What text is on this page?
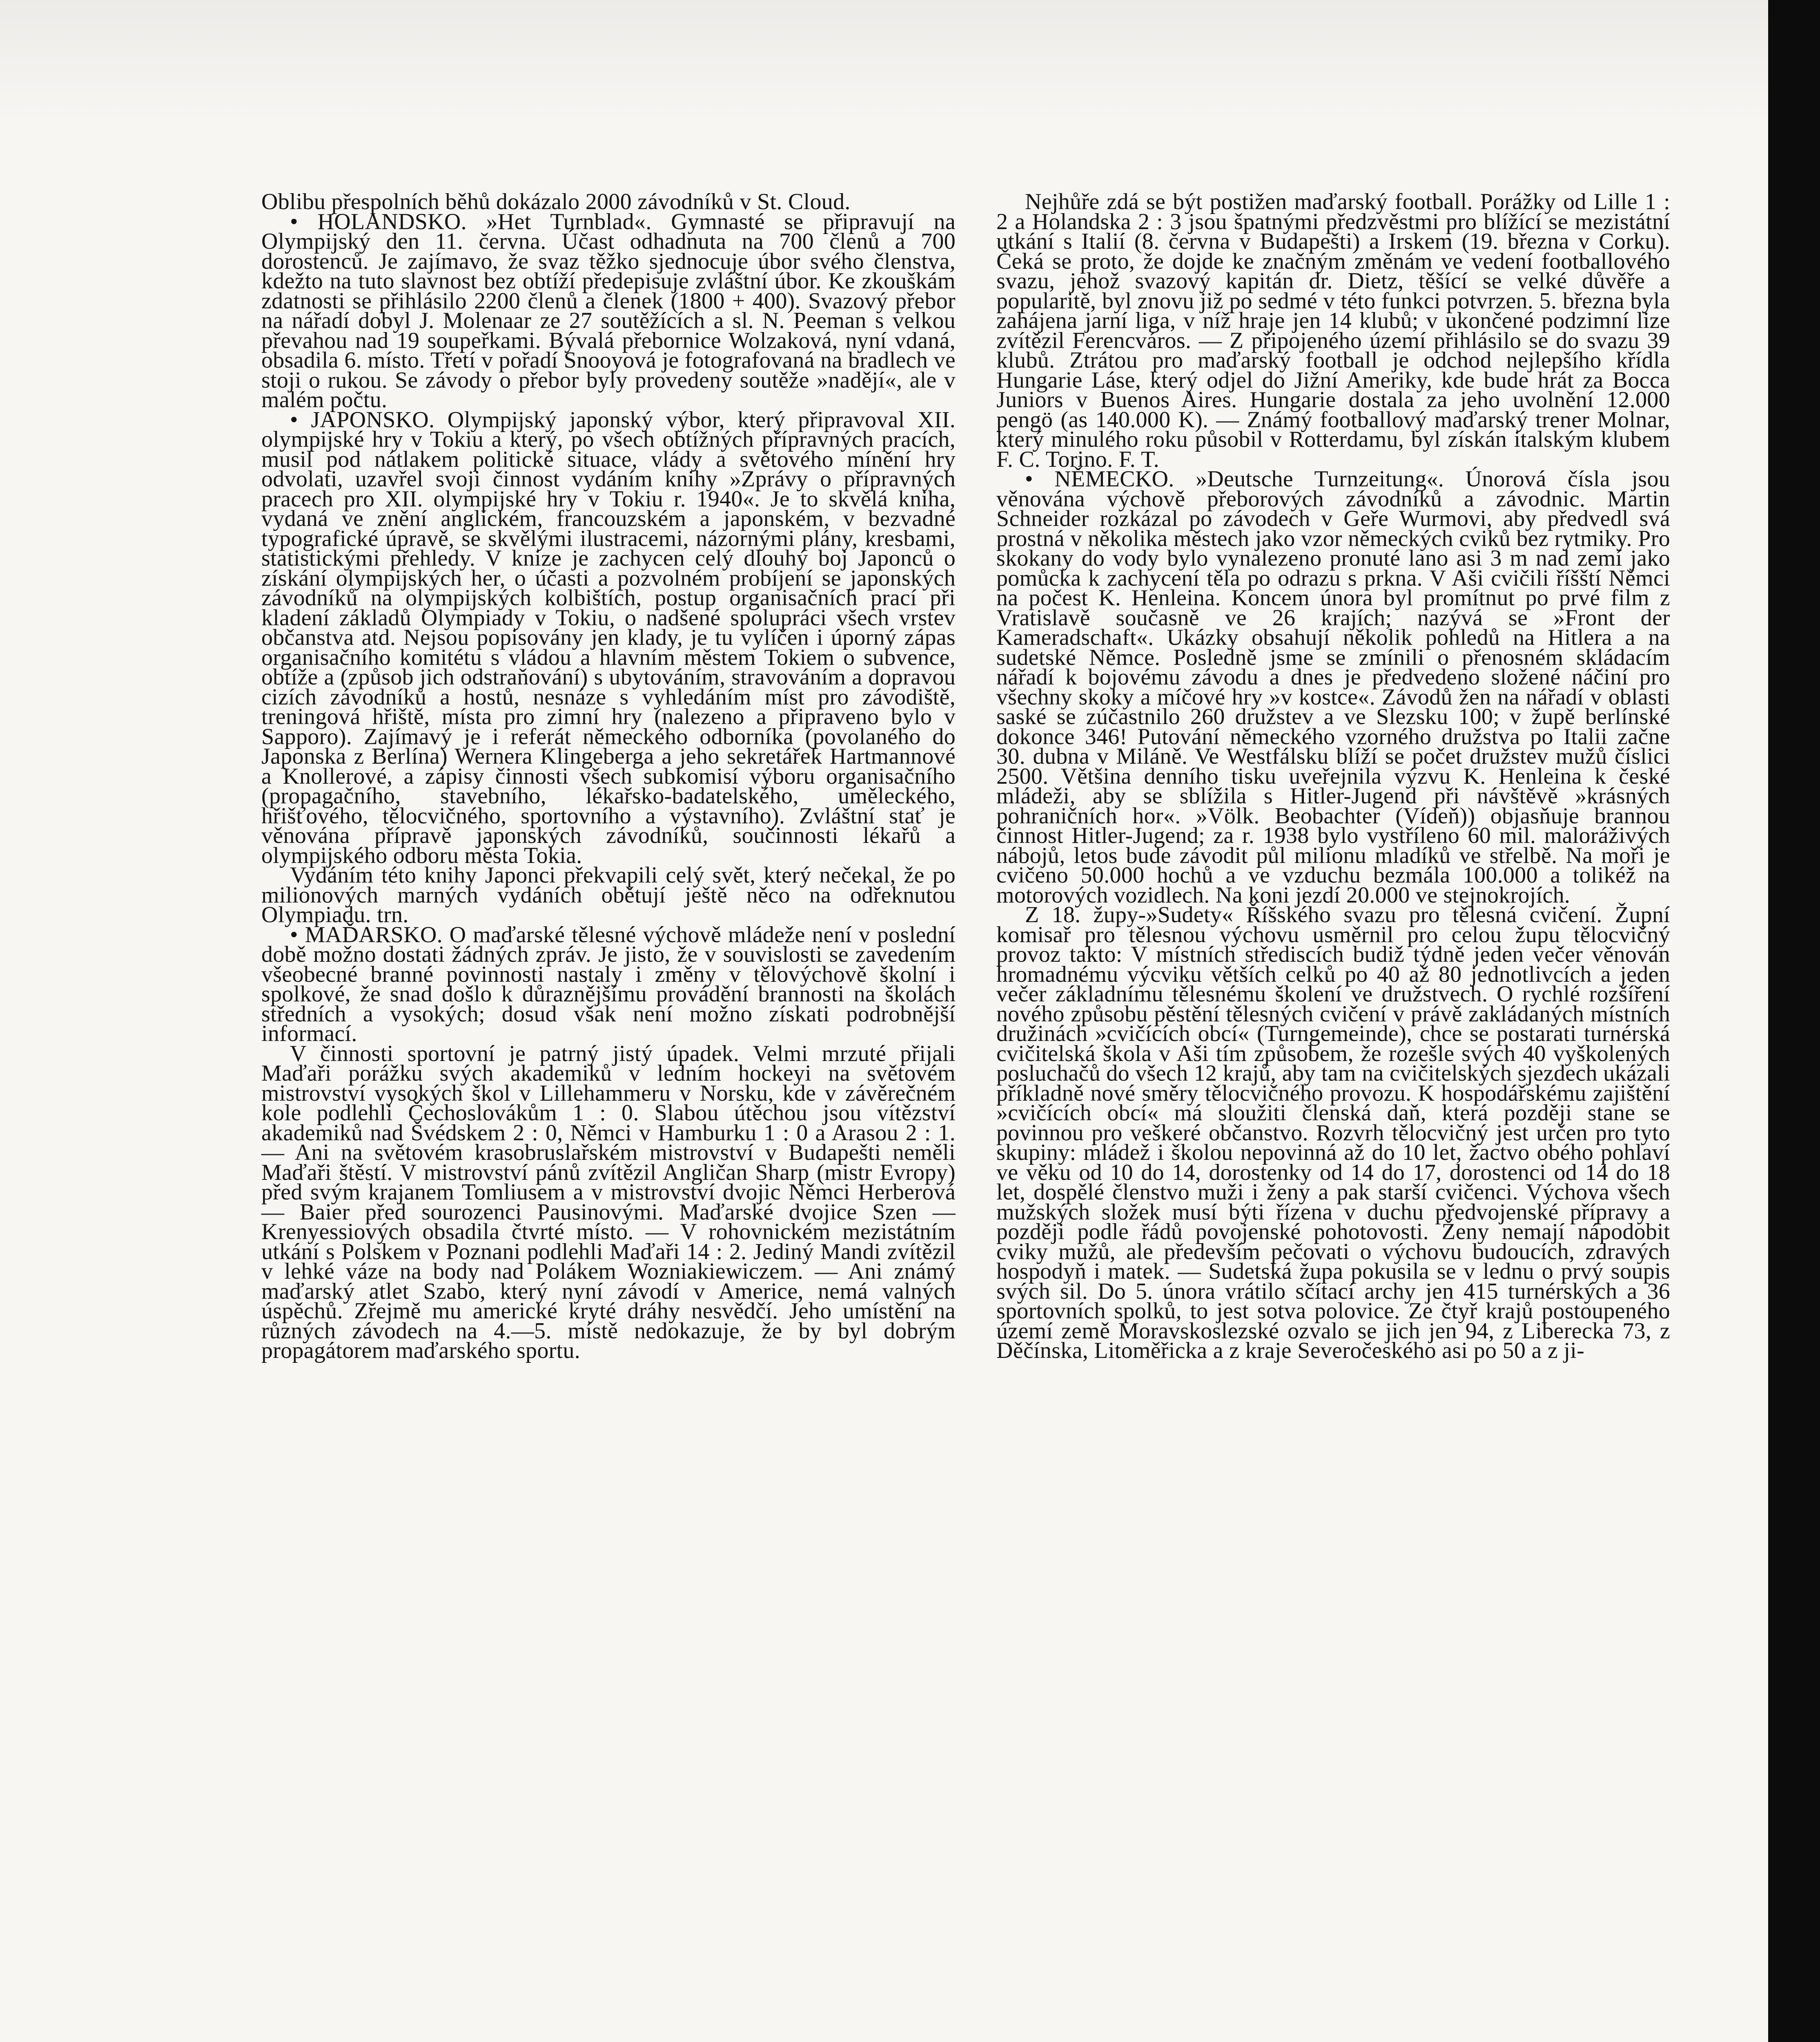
Oblibu přespolních běhů dokázalo 2000 závodníků v St. Cloud.

• HOLANDSKO. »Het Turnblad«. Gymnasté se připravují na Olympijský den 11. června. Účast odhadnuta na 700 členů a 700 dorostenců. Je zajímavo, že svaz těžko sjednocuje úbor svého členstva, kdežto na tuto slavnost bez obtíží předepisuje zvláštní úbor. Ke zkouškám zdatnosti se přihlásilo 2200 členů a členek (1800 + 400). Svazový přebor na nářadí dobyl J. Molenaar ze 27 soutěžících a sl. N. Peeman s velkou převahou nad 19 soupeřkami. Bývalá přebornice Wolzaková, nyní vdaná, obsadila 6. místo. Třetí v pořadí Snooyová je fotografovaná na bradlech ve stoji o rukou. Se závody o přebor byly provedeny soutěže »nadějí«, ale v malém počtu.

• JAPONSKO. Olympijský japonský výbor, který připravoval XII. olympijské hry v Tokiu a který, po všech obtížných přípravných pracích, musil pod nátlakem politické situace, vlády a světového mínění hry odvolati, uzavřel svoji činnost vydáním knihy »Zprávy o přípravných pracech pro XII. olympijské hry v Tokiu r. 1940«. Je to skvělá kniha, vydaná ve znění anglickém, francouzském a japonském, v bezvadné typografické úpravě, se skvělými ilustracemi, názornými plány, kresbami, statistickými přehledy. V knize je zachycen celý dlouhý boj Japonců o získání olympijských her, o účasti a pozvolném probíjení se japonských závodníků na olympijských kolbištích, postup organisačních prací při kladení základů Olympiady v Tokiu, o nadšené spolupráci všech vrstev občanstva atd. Nejsou popisovány jen klady, je tu vylíčen i úporný zápas organisačního komitétu s vládou a hlavním městem Tokiem o subvence, obtíže a (způsob jich odstraňování) s ubytováním, stravováním a dopravou cizích závodníků a hostů, nesnáze s vyhledáním míst pro závodiště, treningová hřiště, místa pro zimní hry (nalezeno a připraveno bylo v Sapporo). Zajímavý je i referát německého odborníka (povolaného do Japonska z Berlína) Wernera Klingeberga a jeho sekretářek Hartmannové a Knollerové, a zápisy činnosti všech subkomisí výboru organisačního (propagačního, stavebního, lékařsko-badatelského, uměleckého, hřišťového, tělocvičného, sportovního a výstavního). Zvláštní stať je věnována přípravě japonských závodníků, součinnosti lékařů a olympijského odboru města Tokia.

Vydáním této knihy Japonci překvapili celý svět, který nečekal, že po milionových marných vydáních obětují ještě něco na odřeknutou Olympiadu. trn.

• MAĎARSKO. O maďarské tělesné výchově mládeže není v poslední době možno dostati žádných zpráv. Je jisto, že v souvislosti se zavedením všeobecné branné povinnosti nastaly i změny v tělovýchově školní i spolkové, že snad došlo k důraznějšímu provádění brannosti na školách středních a vysokých; dosud však není možno získati podrobnější informací.

V činnosti sportovní je patrný jistý úpadek. Velmi mrzuté přijali Maďaři porážku svých akademiků v ledním hockeyi na světovém mistrovství vysokých škol v Lillehammeru v Norsku, kde v závěrečném kole podlehli Čechoslovákům 1 : 0. Slabou útěchou jsou vítězství akademiků nad Švédskem 2 : 0, Němci v Hamburku 1 : 0 a Arasou 2 : 1. — Ani na světovém krasobruslařském mistrovství v Budapešti neměli Maďaři štěstí. V mistrovství pánů zvítězil Angličan Sharp (mistr Evropy) před svým krajanem Tomliusem a v mistrovství dvojic Němci Herberová — Baier před sourozenci Pausinovými. Maďarské dvojice Szen — Krenyessiových obsadila čtvrté místo. — V rohovnickém mezistátním utkání s Polskem v Poznani podlehli Maďaři 14 : 2. Jediný Mandi zvítězil v lehké váze na body nad Polákem Wozniakiewiczem. — Ani známý maďarský atlet Szabo, který nyní závodí v Americe, nemá valných úspěchů. Zřejmě mu americké kryté dráhy nesvědčí. Jeho umístění na různých závodech na 4.—5. místě nedokazuje, že by byl dobrým propagátorem maďarského sportu.

Nejhůře zdá se být postižen maďarský football. Porážky od Lille 1 : 2 a Holandska 2 : 3 jsou špatnými předzvěstmi pro blížící se mezistátní utkání s Italií (8. června v Budapešti) a Irskem (19. března v Corku). Čeká se proto, že dojde ke značným změnám ve vedení footballového svazu, jehož svazový kapitán dr. Dietz, těšící se velké důvěře a popularitě, byl znovu již po sedmé v této funkci potvrzen. 5. března byla zahájena jarní liga, v níž hraje jen 14 klubů; v ukončené podzimní lize zvítězil Ferencváros. — Z připojeného území přihlásilo se do svazu 39 klubů. Ztrátou pro maďarský football je odchod nejlepšího křídla Hungarie Láse, který odjel do Jižní Ameriky, kde bude hrát za Bocca Juniors v Buenos Aires. Hungarie dostala za jeho uvolnění 12.000 pengö (as 140.000 K). — Známý footballový maďarský trener Molnar, který minulého roku působil v Rotterdamu, byl získán italským klubem F. C. Torino. F. T.

• NĚMECKO. »Deutsche Turnzeitung«. Únorová čísla jsou věnována výchově přeborových závodníků a závodnic. Martin Schneider rozkázal po závodech v Geře Wurmovi, aby předvedl svá prostná v několika městech jako vzor německých cviků bez rytmiky. Pro skokany do vody bylo vynalezeno pronuté lano asi 3 m nad zemí jako pomůcka k zachycení těla po odrazu s prkna. V Aši cvičili říšští Němci na počest K. Henleina. Koncem února byl promítnut po prvé film z Vratislavě současně ve 26 krajích; nazývá se »Front der Kameradschaft«. Ukázky obsahují několik pohledů na Hitlera a na sudetské Němce. Posledně jsme se zmínili o přenosném skládacím nářadí k bojovému závodu a dnes je předvedeno složené náčiní pro všechny skoky a míčové hry »v kostce«. Závodů žen na nářadí v oblasti saské se zúčastnilo 260 družstev a ve Slezsku 100; v župě berlínské dokonce 346! Putování německého vzorného družstva po Italii začne 30. dubna v Miláně. Ve Westfálsku blíží se počet družstev mužů číslici 2500. Většina denního tisku uveřejnila výzvu K. Henleina k české mládeži, aby se sblížila s Hitler-Jugend při návštěvě »krásných pohraničních hor«. »Völk. Beobachter (Vídeň)) objasňuje brannou činnost Hitler-Jugend; za r. 1938 bylo vystříleno 60 mil. maloráživých nábojů, letos bude závodit půl milionu mladíků ve střelbě. Na moři je cvičeno 50.000 hochů a ve vzduchu bezmála 100.000 a tolikéž na motorových vozidlech. Na koni jezdí 20.000 ve stejnokrojích.

Z 18. župy-»Sudety« Říšského svazu pro tělesná cvičení. Župní komisař pro tělesnou výchovu usměrnil pro celou župu tělocvičný provoz takto: V místních střediscích budiž týdně jeden večer věnován hromadnému výcviku větších celků po 40 až 80 jednotlivcích a jeden večer základnímu tělesnému školení ve družstvech. O rychlé rozšíření nového způsobu pěstění tělesných cvičení v právě zakládaných místních družinách »cvičících obcí« (Turngemeinde), chce se postarati turnérská cvičitelská škola v Aši tím způsobem, že rozešle svých 40 vyškolených posluchačů do všech 12 krajů, aby tam na cvičitelských sjezdech ukázali příkladně nové směry tělocvičného provozu. K hospodářskému zajištění »cvičících obcí« má sloužiti členská daň, která později stane se povinnou pro veškeré občanstvo. Rozvrh tělocvičný jest určen pro tyto skupiny: mládež i školou nepovinná až do 10 let, žactvo obého pohlaví ve věku od 10 do 14, dorostenky od 14 do 17, dorostenci od 14 do 18 let, dospělé členstvo muži i ženy a pak starší cvičenci. Výchova všech mužských složek musí býti řízena v duchu předvojenské přípravy a později podle řádů povojenské pohotovosti. Ženy nemají nápodobit cviky mužů, ale především pečovati o výchovu budoucích, zdravých hospodyň i matek. — Sudetská župa pokusila se v lednu o prvý soupis svých sil. Do 5. února vrátilo sčítací archy jen 415 turnérských a 36 sportovních spolků, to jest sotva polovice. Ze čtyř krajů postoupeného území země Moravskoslezské ozvalo se jich jen 94, z Liberecka 73, z Děčínska, Litoměřicka a z kraje Severočeského asi po 50 a z ji-
